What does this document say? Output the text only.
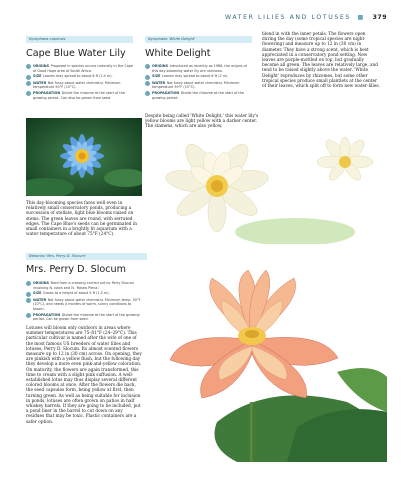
WATER LILIES AND LOTUSES ■ 379
Nymphaea capensis
Cape Blue Water Lily
ORIGINS Proposed in species occurs naturally in the Cape of Good Hope area of South Africa.
SIZE Leaves may spread to about 8 ft (2.4 m).
WATER Not fussy about water chemistry. Minimum temperature 50°F (10°C).
PROPAGATION Divide the rhizome at the start of the growing period. Can also be grown from seed.
This day-blooming species fares well even in relatively small conservatory ponds, producing a succession of stellate, light blue blooms raised on stems. The green leaves are round, with serrated edges. The Cape Blue's seeds can be germinated in small containers in a brightly lit aquarium with a water temperature of about 75°F (24°C).
Nymphaea 'White Delight'
White Delight
ORIGINS Introduced as recently as 1986, the origins of this day-blooming water lily are unknown.
SIZE Leaves may spread to about 6 ft (2 m).
WATER Not fussy about water chemistry. Minimum temperature 59°F (15°C).
PROPAGATION Divide the rhizome at the start of the growing period.
Despite being called 'White Delight,' this water lily's yellow blooms are light yellow with a darker center. The stamens, which are also yellow,
blend in with the inner petals. The flowers open during the day (some tropical species are night-flowering) and measure up to 12 in (30 cm) in diameter. They have a strong scent, which is best appreciated in a conservatory pond setting. New leaves are purple-mottled on top, but gradually become all green. The leaves are relatively large, and tend to be raised slightly above the water. 'White Delight' reproduces by rhizomes, but some other tropical species produce small plantlets at the center of their leaves, which split off to form new water-lilies.
Nelumbo 'Mrs. Perry D. Slocum'
Mrs. Perry D. Slocum
ORIGINS Bred from a crossing carried out by Perry Slocum involving N. lutea and N. 'Rosea Plena.'
SIZE Grows to a height of about 5 ft (1.5 m).
WATER Not fussy about water chemistry. Minimum temp. 50°F (10°C), and needs 4 months of warm, sunny conditions to bloom.
PROPAGATION Divide the rhizome at the start of the growing period. Can be grown from seed.
Lotuses will bloom only outdoors in areas where summer temperatures are 75–81°F (24–29°C). This particular cultivar is named after the wife of one of the most famous US breeders of water lilies and lotuses, Perry D. Slocum. Its almost scented flowers measure up to 12 in (30 cm) across. On opening, they are pinkish with a yellow flush, but the following day they develop a more even pink-and-yellow coloration. On maturity, the flowers are again transformed, this time to cream with a slight pink suffusion. A well-established lotus may thus display several different colored blooms at once. After the flowers die back, the seed capsules form, being yellow at first, then turning green. As well as being suitable for inclusion in ponds, lotuses are often grown on patios in half whiskey barrels. If they are going to be included, put a pond liner in the barrel to cut down on any residues that may be toxic. Plastic containers are a safer option.
